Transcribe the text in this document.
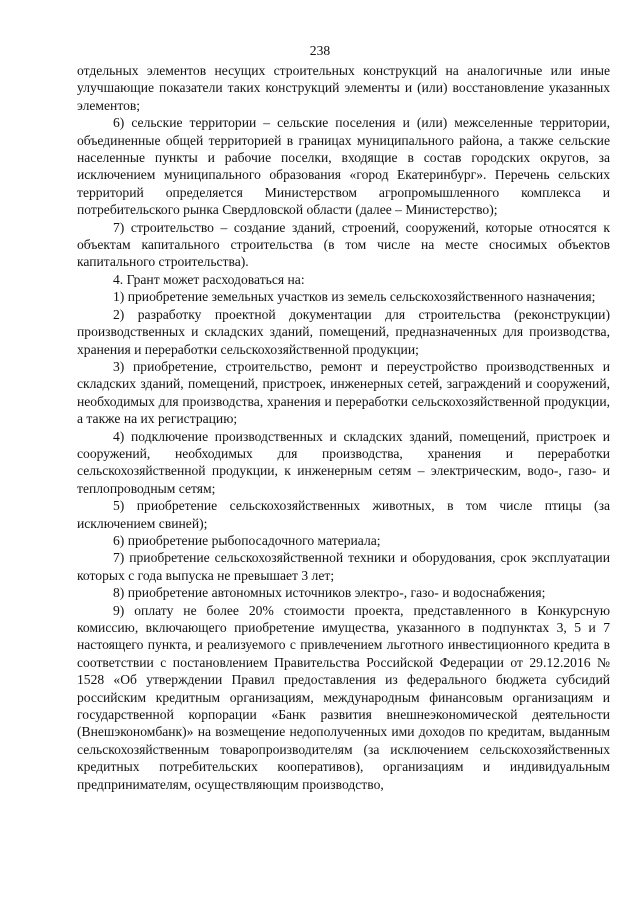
238

отдельных элементов несущих строительных конструкций на аналогичные или иные улучшающие показатели таких конструкций элементы и (или) восстановление указанных элементов;

6) сельские территории – сельские поселения и (или) межселенные территории, объединенные общей территорией в границах муниципального района, а также сельские населенные пункты и рабочие поселки, входящие в состав городских округов, за исключением муниципального образования «город Екатеринбург». Перечень сельских территорий определяется Министерством агропромышленного комплекса и потребительского рынка Свердловской области (далее – Министерство);

7) строительство – создание зданий, строений, сооружений, которые относятся к объектам капитального строительства (в том числе на месте сносимых объектов капитального строительства).

4. Грант может расходоваться на:

1) приобретение земельных участков из земель сельскохозяйственного назначения;

2) разработку проектной документации для строительства (реконструкции) производственных и складских зданий, помещений, предназначенных для производства, хранения и переработки сельскохозяйственной продукции;

3) приобретение, строительство, ремонт и переустройство производственных и складских зданий, помещений, пристроек, инженерных сетей, заграждений и сооружений, необходимых для производства, хранения и переработки сельскохозяйственной продукции, а также на их регистрацию;

4) подключение производственных и складских зданий, помещений, пристроек и сооружений, необходимых для производства, хранения и переработки сельскохозяйственной продукции, к инженерным сетям – электрическим, водо-, газо- и теплопроводным сетям;

5) приобретение сельскохозяйственных животных, в том числе птицы (за исключением свиней);

6) приобретение рыбопосадочного материала;

7) приобретение сельскохозяйственной техники и оборудования, срок эксплуатации которых с года выпуска не превышает 3 лет;

8) приобретение автономных источников электро-, газо- и водоснабжения;

9) оплату не более 20% стоимости проекта, представленного в Конкурсную комиссию, включающего приобретение имущества, указанного в подпунктах 3, 5 и 7 настоящего пункта, и реализуемого с привлечением льготного инвестиционного кредита в соответствии с постановлением Правительства Российской Федерации от 29.12.2016 № 1528 «Об утверждении Правил предоставления из федерального бюджета субсидий российским кредитным организациям, международным финансовым организациям и государственной корпорации «Банк развития внешнеэкономической деятельности (Внешэкономбанк)» на возмещение недополученных ими доходов по кредитам, выданным сельскохозяйственным товаропроизводителям (за исключением сельскохозяйственных кредитных потребительских кооперативов), организациям и индивидуальным предпринимателям, осуществляющим производство,
